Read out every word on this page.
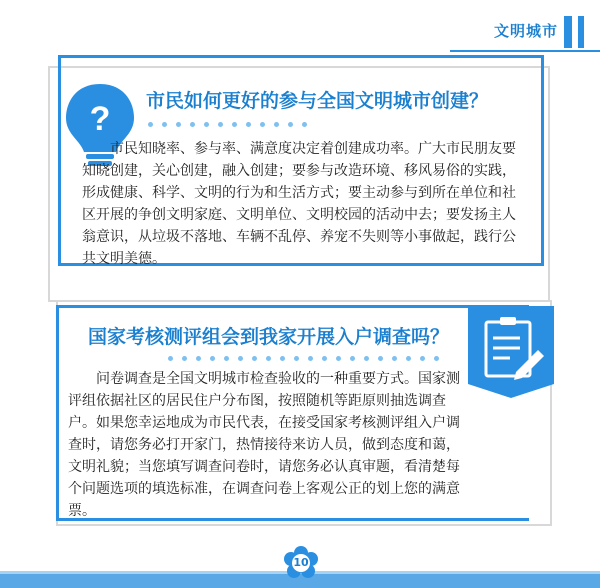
文明城市
? 市民如何更好的参与全国文明城市创建？

市民知晓率、参与率、满意度决定着创建成功率。广大市民朋友要知晓创建，关心创建，融入创建；要参与改造环境、移风易俗的实践，形成健康、科学、文明的行为和生活方式；要主动参与到所在单位和社区开展的争创文明家庭、文明单位、文明校园的活动中去；要发扬主人翁意识，从垃圾不落地、车辆不乱停、养宠不失则等小事做起，践行公共文明美德。

国家考核测评组会到我家开展入户调查吗？

问卷调查是全国文明城市检查验收的一种重要方式。国家测评组依据社区的居民住户分布图，按照随机等距原则抽选调查户。如果您幸运地成为市民代表，在接受国家考核测评组入户调查时，请您务必打开家门，热情接待来访人员，做到态度和蔼，文明礼貌；当您填写调查问卷时，请您务必认真审题，看清楚每个问题选项的填选标准，在调查问卷上客观公正的划上您的满意票。

10
